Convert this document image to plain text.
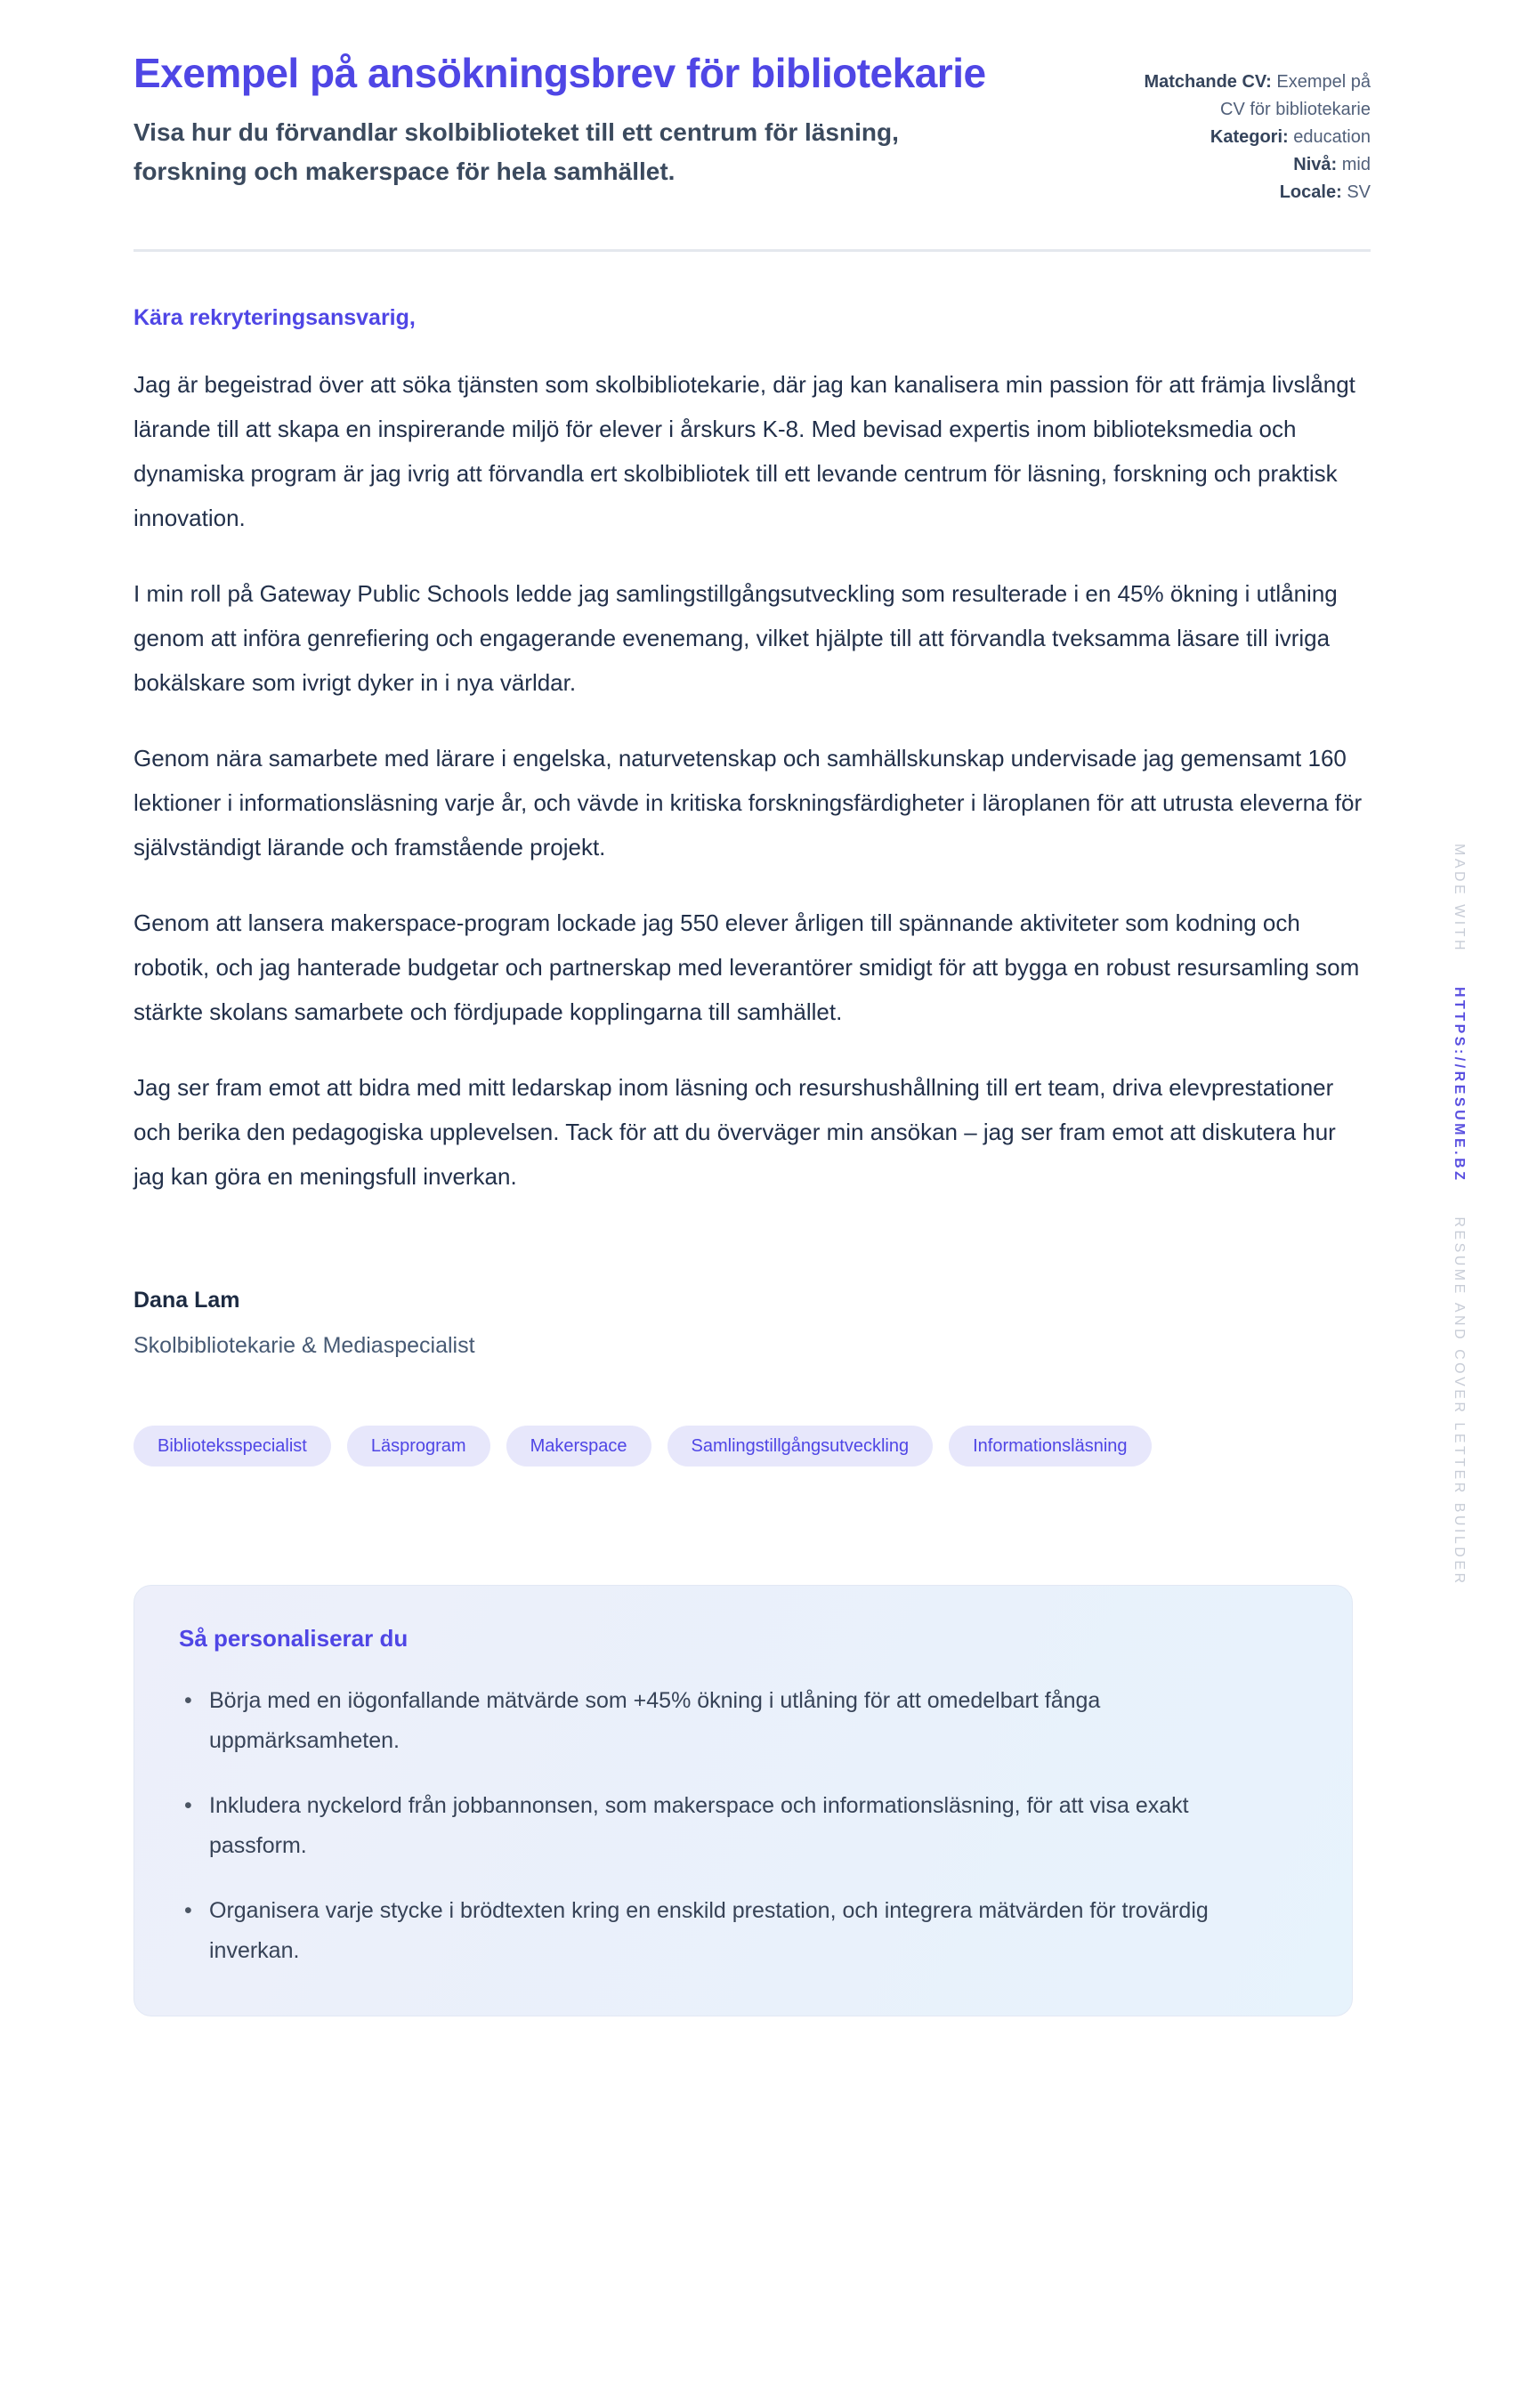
Exempel på ansökningsbrev för bibliotekarie
Visa hur du förvandlar skolbiblioteket till ett centrum för läsning, forskning och makerspace för hela samhället.
Matchande CV: Exempel på CV för bibliotekarie
Kategori: education
Nivå: mid
Locale: SV

Kära rekryteringsansvarig,

Jag är begeistrad över att söka tjänsten som skolbibliotekarie, där jag kan kanalisera min passion för att främja livslångt lärande till att skapa en inspirerande miljö för elever i årskurs K-8. Med bevisad expertis inom biblioteksmedia och dynamiska program är jag ivrig att förvandla ert skolbibliotek till ett levande centrum för läsning, forskning och praktisk innovation.

I min roll på Gateway Public Schools ledde jag samlingstillgångsutveckling som resulterade i en 45% ökning i utlåning genom att införa genrefiering och engagerande evenemang, vilket hjälpte till att förvandla tveksamma läsare till ivriga bokälskare som ivrigt dyker in i nya världar.

Genom nära samarbete med lärare i engelska, naturvetenskap och samhällskunskap undervisade jag gemensamt 160 lektioner i informationsläsning varje år, och vävde in kritiska forskningsfärdigheter i läroplanen för att utrusta eleverna för självständigt lärande och framstående projekt.

Genom att lansera makerspace-program lockade jag 550 elever årligen till spännande aktiviteter som kodning och robotik, och jag hanterade budgetar och partnerskap med leverantörer smidigt för att bygga en robust resursamling som stärkte skolans samarbete och fördjupade kopplingarna till samhället.

Jag ser fram emot att bidra med mitt ledarskap inom läsning och resurshushållning till ert team, driva elevprestationer och berika den pedagogiska upplevelsen. Tack för att du överväger min ansökan – jag ser fram emot att diskutera hur jag kan göra en meningsfull inverkan.

Dana Lam
Skolbibliotekarie & Mediaspecialist
Biblioteksspecialist	Läsprogram	Makerspace	Samlingstillgångsutveckling	Informationsläsning
Så personaliserar du
• Börja med en iögonfallande mätvärde som +45% ökning i utlåning för att omedelbart fånga uppmärksamheten.
• Inkludera nyckelord från jobbannonsen, som makerspace och informationsläsning, för att visa exakt passform.
• Organisera varje stycke i brödtexten kring en enskild prestation, och integrera mätvärden för trovärdig inverkan.
MADE WITH HTTPS://RESUME.BZ RESUME AND COVER LETTER BUILDER
